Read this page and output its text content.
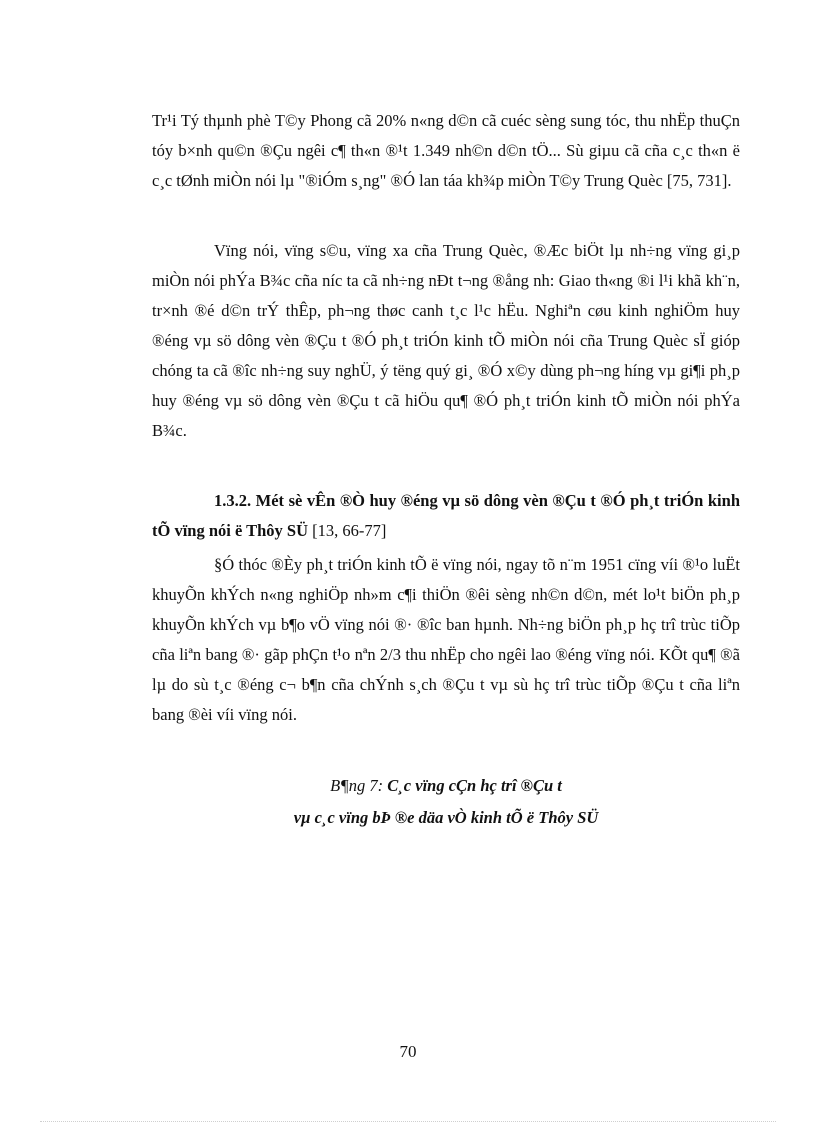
Tr¹i Tý thµnh phè T©y Phong cã 20% n«ng d©n cã cuéc sèng sung tóc, thu nhËp thuÇn tóy b×nh qu©n ®Çu ngêi c¶ th«n ®¹t 1.349 nh©n d©n tÖ... Sù giµu cã cña c¸c th«n ë c¸c tØnh miÒn nói lµ "®iÓm s¸ng" ®Ó lan táa kh¾p miÒn T©y Trung Quèc [75, 731].
Vïng nói, vïng s©u, vïng xa cña Trung Quèc, ®Æc biÖt lµ nh÷ng vïng gi¸p miÒn nói phÝa B¾c cña níc ta cã nh÷ng nÐt t¬ng ®ång nh: Giao th«ng ®i l¹i khã kh¨n, tr×nh ®é d©n trÝ thÊp, ph¬ng thøc canh t¸c l¹c hËu. Nghiªn cøu kinh nghiÖm huy ®éng vµ sö dông vèn ®Çu t ®Ó ph¸t triÓn kinh tÕ miÒn nói cña Trung Quèc sÏ gióp chóng ta cã ®îc nh÷ng suy nghÜ, ý tëng quý gi¸ ®Ó x©y dùng ph¬ng híng vµ gi¶i ph¸p huy ®éng vµ sö dông vèn ®Çu t cã hiÖu qu¶ ®Ó ph¸t triÓn kinh tÕ miÒn nói phÝa B¾c.
1.3.2. Mét sè vÊn ®Ò huy ®éng vµ sö dông vèn ®Çu t ®Ó ph¸t triÓn kinh tÕ vïng nói ë Thôy SÜ [13, 66-77]
§Ó thóc ®Èy ph¸t triÓn kinh tÕ ë vïng nói, ngay tõ n¨m 1951 cïng víi ®¹o luËt khuyÕn khÝch n«ng nghiÖp nh»m c¶i thiÖn ®êi sèng nh©n d©n, mét lo¹t biÖn ph¸p khuyÕn khÝch vµ b¶o vÖ vïng nói ®· ®îc ban hµnh. Nh÷ng biÖn ph¸p hç trî trùc tiÕp cña liªn bang ®· gãp phÇn t¹o nªn 2/3 thu nhËp cho ngêi lao ®éng vïng nói. KÕt qu¶ ®ã lµ do sù t¸c ®éng c¬ b¶n cña chÝnh s¸ch ®Çu t vµ sù hç trî trùc tiÕp ®Çu t cña liªn bang ®èi víi vïng nói.
B¶ng 7: C¸c vïng cÇn hç trî ®Çu t
vµ c¸c vïng bÞ ®e däa vÒ kinh tÕ ë Thôy SÜ
70
